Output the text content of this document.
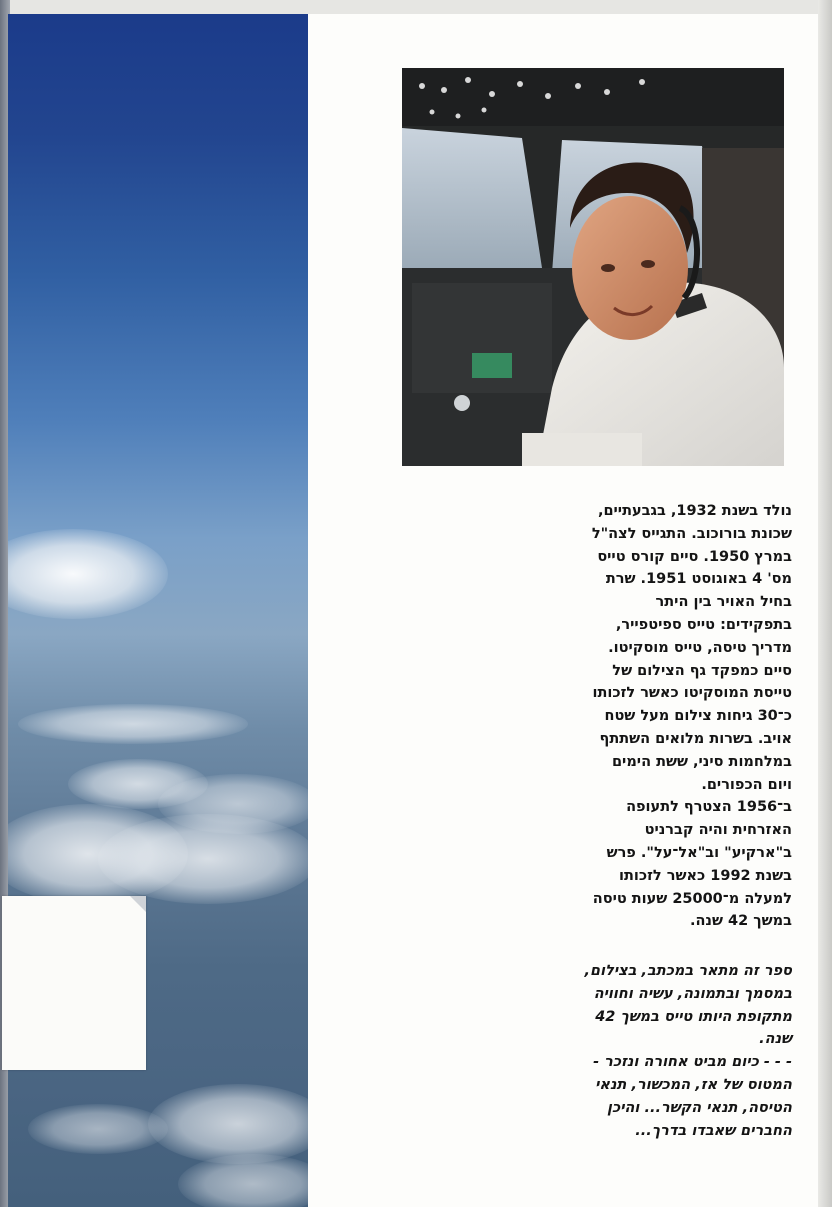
נולד בשנת 1932, בגבעתיים,
שכונת בורוכוב. התגייס לצה"ל
במרץ 1950. סיים קורס טייס
מס' 4 באוגוסט 1951. שרת
בחיל האויר בין היתר
בתפקידים: טייס ספיטפייר,
מדריך טיסה, טייס מוסקיטו.
סיים כמפקד גף הצילום של
טייסת המוסקיטו כאשר לזכותו
כ־30 גיחות צילום מעל שטח
אויב. בשרות מלואים השתתף
במלחמות סיני, ששת הימים
ויום הכפורים.
ב־1956 הצטרף לתעופה
האזרחית והיה קברניט
ב"ארקיע" וב"אל־על". פרש
בשנת 1992 כאשר לזכותו
למעלה מ־25000 שעות טיסה
במשך 42 שנה.
ספר זה מתאר במכתב, בצילום,
במסמך ובתמונה, עשיה וחוויה
מתקופת היותו טייס במשך 42
שנה.
- - - כיום מביט אחורה ונזכר -
המטוס של אז, המכשור, תנאי
הטיסה, תנאי הקשר... והיכן
החברים שאבדו בדרך...
